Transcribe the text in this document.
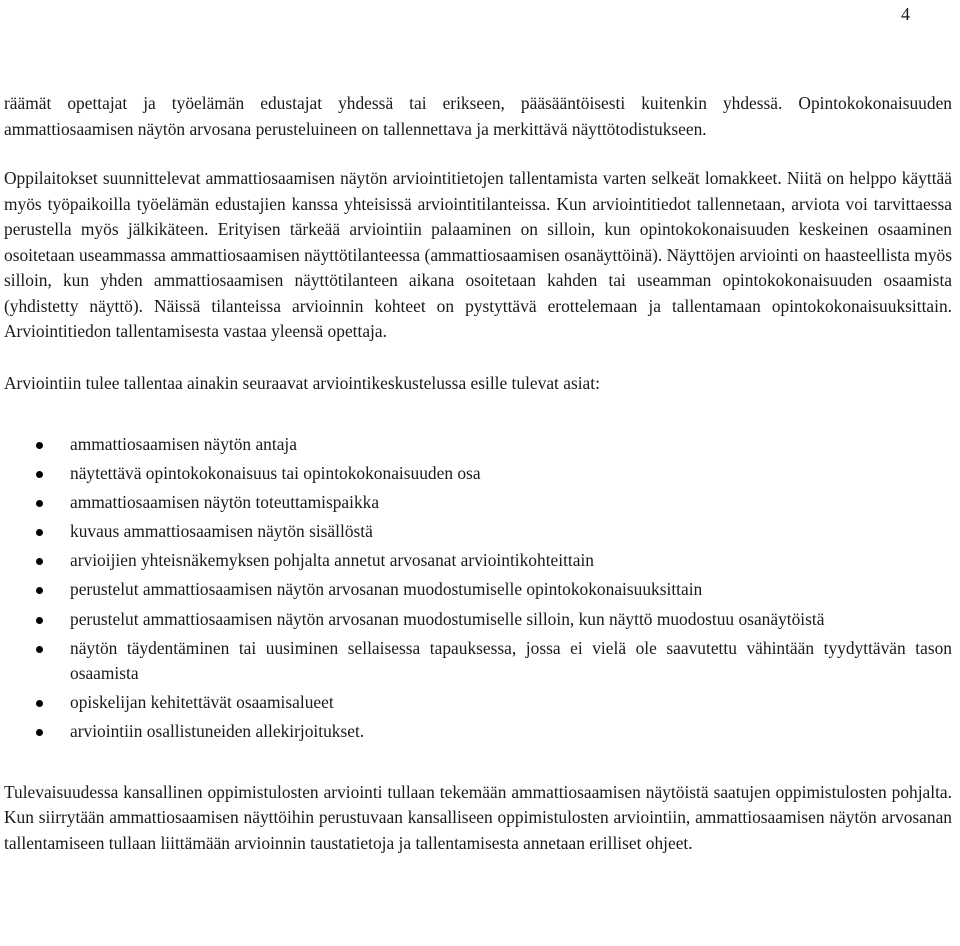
4

räämät opettajat ja työelämän edustajat yhdessä tai erikseen, pääsääntöisesti kuitenkin yhdessä. Opintokokonaisuuden ammattiosaamisen näytön arvosana perusteluineen on tallennettava ja merkittävä näyttötodistukseen.

Oppilaitokset suunnittelevat ammattiosaamisen näytön arviointitietojen tallentamista varten selkeät lomakkeet. Niitä on helppo käyttää myös työpaikoilla työelämän edustajien kanssa yhteisissä arviointitilanteissa. Kun arviointitiedot tallennetaan, arviota voi tarvittaessa perustella myös jälkikäteen. Erityisen tärkeää arviointiin palaaminen on silloin, kun opintokokonaisuuden keskeinen osaaminen osoitetaan useammassa ammattiosaamisen näyttötilanteessa (ammattiosaamisen osanäyttöinä). Näyttöjen arviointi on haasteellista myös silloin, kun yhden ammattiosaamisen näyttötilanteen aikana osoitetaan kahden tai useamman opintokokonaisuuden osaamista (yhdistetty näyttö). Näissä tilanteissa arvioinnin kohteet on pystyttävä erottelemaan ja tallentamaan opintokokonaisuuksittain. Arviointitiedon tallentamisesta vastaa yleensä opettaja.

Arviointiin tulee tallentaa ainakin seuraavat arviointikeskustelussa esille tulevat asiat:

ammattiosaamisen näytön antaja
näytettävä opintokokonaisuus tai opintokokonaisuuden osa
ammattiosaamisen näytön toteuttamispaikka
kuvaus ammattiosaamisen näytön sisällöstä
arvioijien yhteisnäkemyksen pohjalta annetut arvosanat arviointikohteittain
perustelut ammattiosaamisen näytön arvosanan muodostumiselle opintokokonaisuuksittain
perustelut ammattiosaamisen näytön arvosanan muodostumiselle silloin, kun näyttö muodostuu osanäytöistä
näytön täydentäminen tai uusiminen sellaisessa tapauksessa, jossa ei vielä ole saavutettu vähintään tyydyttävän tason osaamista
opiskelijan kehitettävät osaamisalueet
arviointiin osallistuneiden allekirjoitukset.

Tulevaisuudessa kansallinen oppimistulosten arviointi tullaan tekemään ammattiosaamisen näytöistä saatujen oppimistulosten pohjalta. Kun siirrytään ammattiosaamisen näyttöihin perustuvaan kansalliseen oppimistulosten arviointiin, ammattiosaamisen näytön arvosanan tallentamiseen tullaan liittämään arvioinnin taustatietoja ja tallentamisesta annetaan erilliset ohjeet.
